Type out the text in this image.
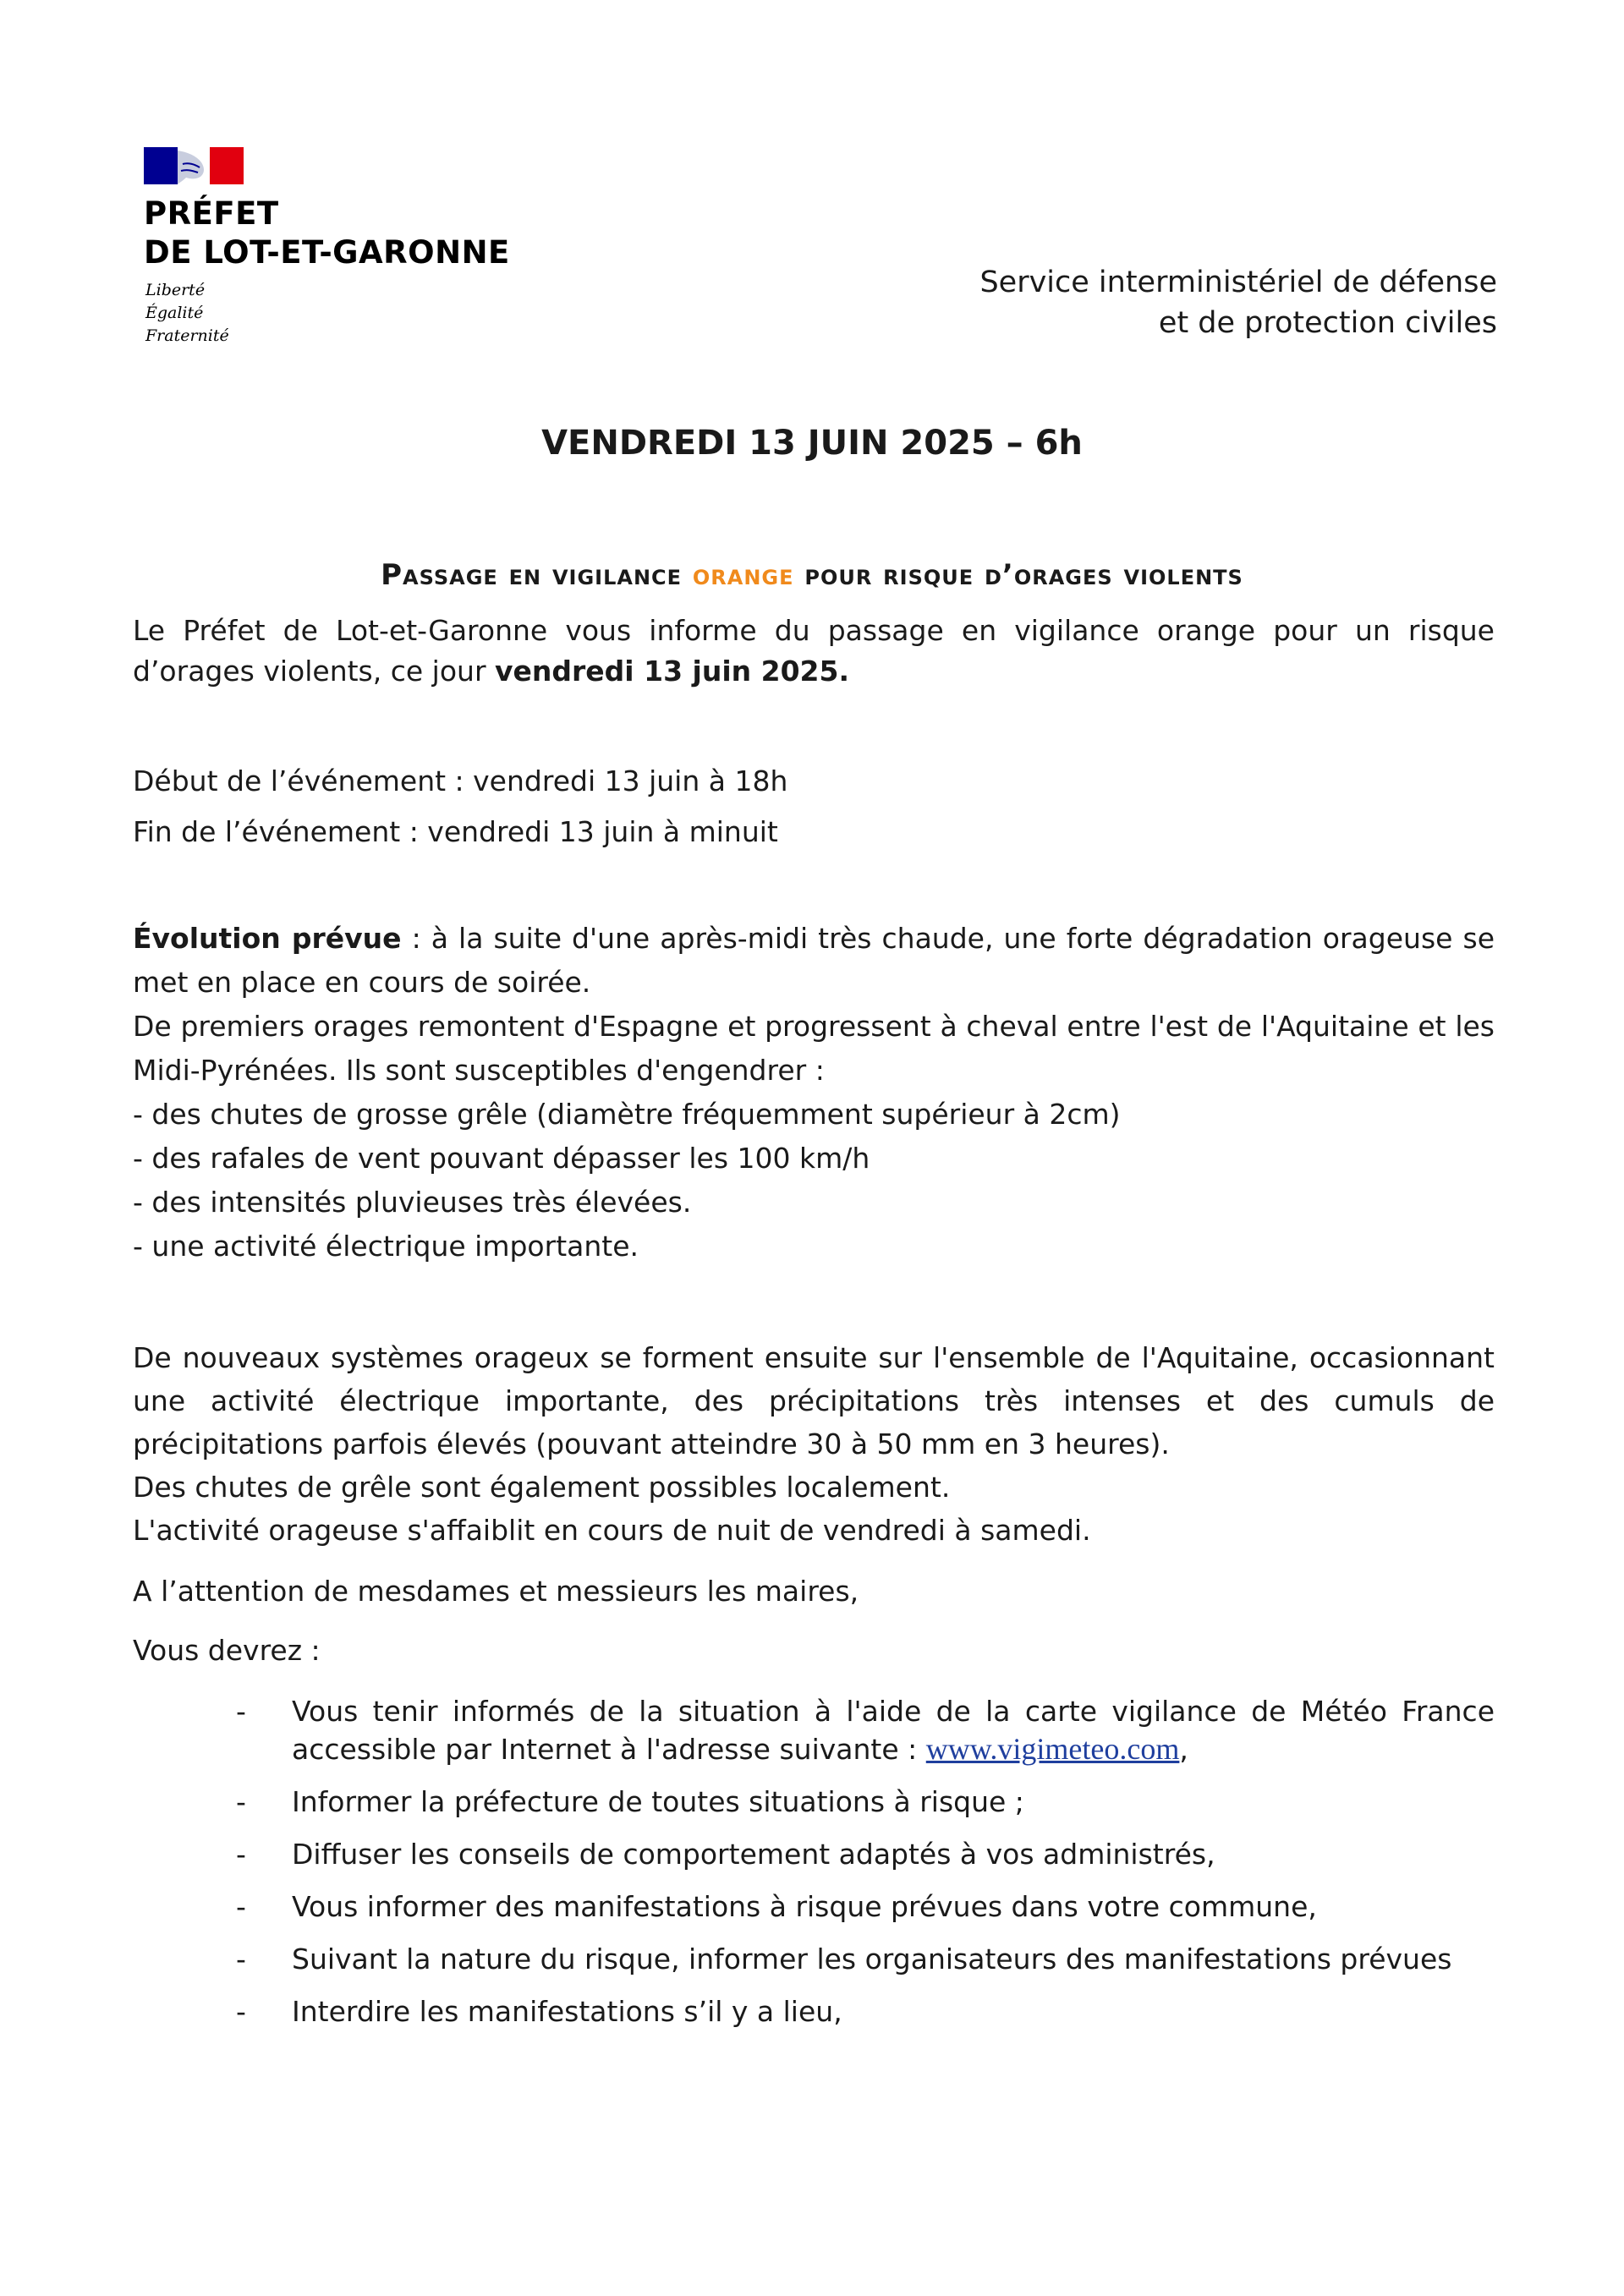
PRÉFET
DE LOT-ET-GARONNE
Liberté
Égalité
Fraternité
Service interministériel de défense
et de protection civiles
VENDREDI 13 JUIN 2025 – 6h
Passage en vigilance orange pour risque d’orages violents
Le Préfet de Lot-et-Garonne vous informe du passage en vigilance orange pour un risque d’orages violents, ce jour vendredi 13 juin 2025.
Début de l’événement : vendredi 13 juin à 18h
Fin de l’événement : vendredi 13 juin à minuit

Évolution prévue : à la suite d'une après-midi très chaude, une forte dégradation orageuse se met en place en cours de soirée.

De premiers orages remontent d'Espagne et progressent à cheval entre l'est de l'Aquitaine et les Midi-Pyrénées. Ils sont susceptibles d'engendrer :

- des chutes de grosse grêle (diamètre fréquemment supérieur à 2cm)

- des rafales de vent pouvant dépasser les 100 km/h

- des intensités pluvieuses très élevées.

- une activité électrique importante.

De nouveaux systèmes orageux se forment ensuite sur l'ensemble de l'Aquitaine, occasionnant une activité électrique importante, des précipitations très intenses et des cumuls de précipitations parfois élevés (pouvant atteindre 30 à 50 mm en 3 heures).

Des chutes de grêle sont également possibles localement.

L'activité orageuse s'affaiblit en cours de nuit de vendredi à samedi.

A l’attention de mesdames et messieurs les maires,
Vous devrez :
- Vous tenir informés de la situation à l'aide de la carte vigilance de Météo France accessible par Internet à l'adresse suivante : www.vigimeteo.com,
- Informer la préfecture de toutes situations à risque ;
- Diffuser les conseils de comportement adaptés à vos administrés,
- Vous informer des manifestations à risque prévues dans votre commune,
- Suivant la nature du risque, informer les organisateurs des manifestations prévues
- Interdire les manifestations s’il y a lieu,
